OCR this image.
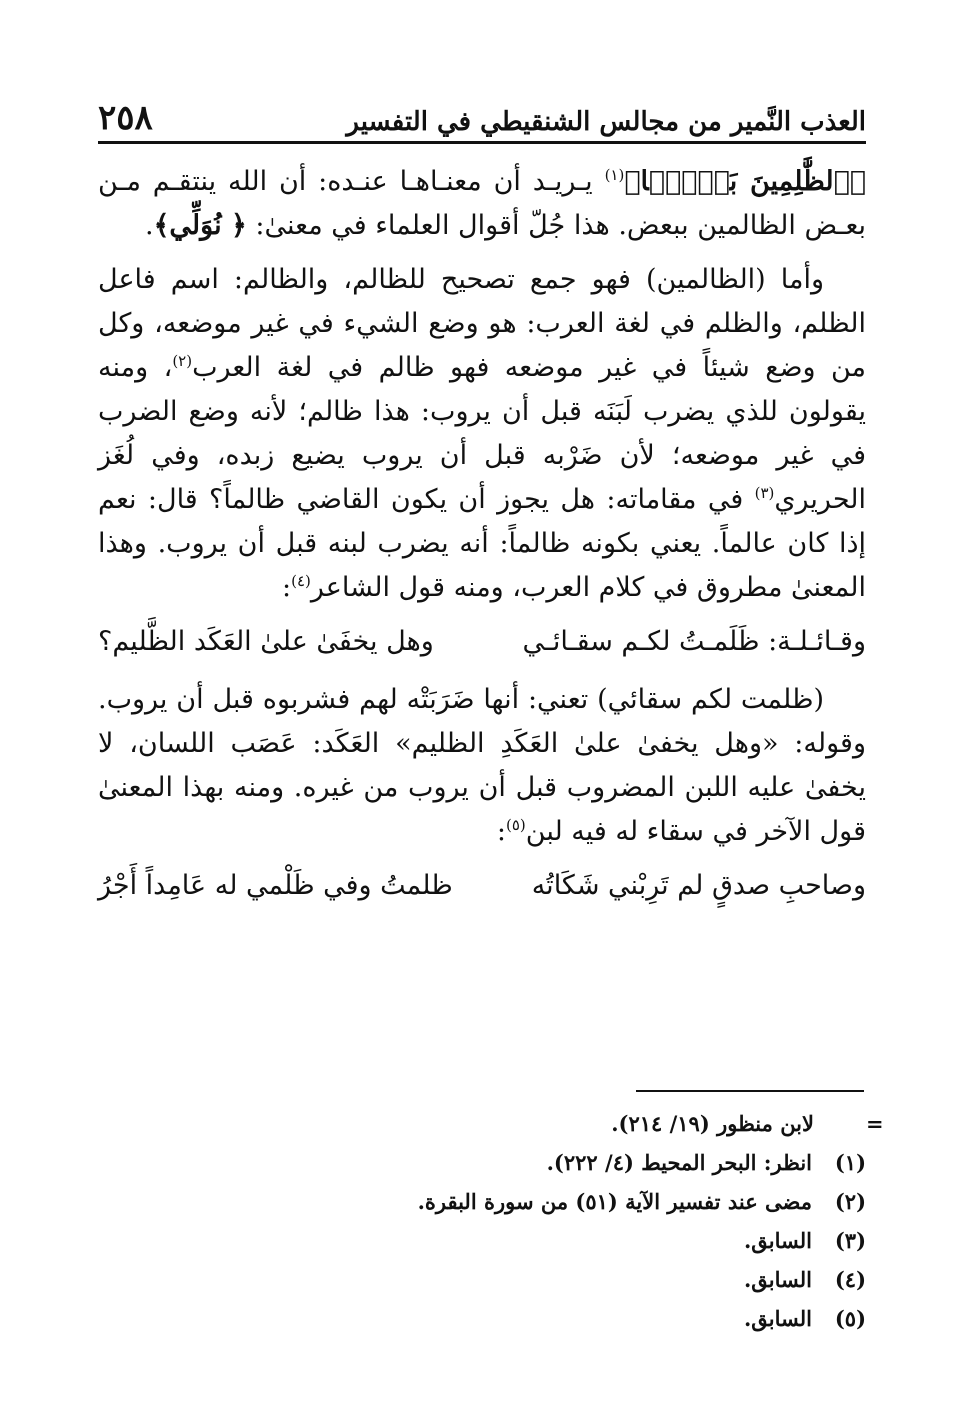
العذب النَّمير من مجالس الشنقيطي في التفسير
٢٥٨

﴿ٱلظَّٰلِمِينَ بَعۡضَۢا﴾$^{(١)}$ يـريـد أن معنـاهـا عنـده: أن الله ينتقـم مـن بعـض الظالمين ببعض. هذا جُلّ أقوال العلماء في معنىٰ: ﴿ نُوَلِّي﴾.

وأما (الظالمين) فهو جمع تصحيح للظالم، والظالم: اسم فاعل الظلم، والظلم في لغة العرب: هو وضع الشيء في غير موضعه، وكل من وضع شيئاً في غير موضعه فهو ظالم في لغة العرب$^{(٢)}$، ومنه يقولون للذي يضرب لَبَنَه قبل أن يروب: هذا ظالم؛ لأنه وضع الضرب في غير موضعه؛ لأن ضَرْبه قبل أن يروب يضيع زبده، وفي لُغَز الحريري$^{(٣)}$ في مقاماته: هل يجوز أن يكون القاضي ظالماً؟ قال: نعم إذا كان عالماً. يعني بكونه ظالماً: أنه يضرب لبنه قبل أن يروب. وهذا المعنىٰ مطروق في كلام العرب، ومنه قول الشاعر$^{(٤)}$:

وقـائـلـة: ظَلَمـتُ لكـم سقـائـي
وهل يخفَىٰ علىٰ العَكَد الظَّليم؟

(ظلمت لكم سقائي) تعني: أنها ضَرَبَتْه لهم فشربوه قبل أن يروب. وقوله: «وهل يخفىٰ علىٰ العَكَدِ الظليم» العَكَد: عَصَب اللسان، لا يخفىٰ عليه اللبن المضروب قبل أن يروب من غيره. ومنه بهذا المعنىٰ قول الآخر في سقاء له فيه لبن$^{(٥)}$:

وصاحبِ صدقٍ لم تَرِبْني شَكَاتُه
ظلمتُ وفي ظَلْمي له عَامِداً أَجْرُ
لابن منظور (١٩/ ٢١٤). =
(١)
انظر: البحر المحيط (٤/ ٢٢٢).
(٢)
مضى عند تفسير الآية (٥١) من سورة البقرة.
(٣)
السابق.
(٤)
السابق.
(٥)
السابق.
